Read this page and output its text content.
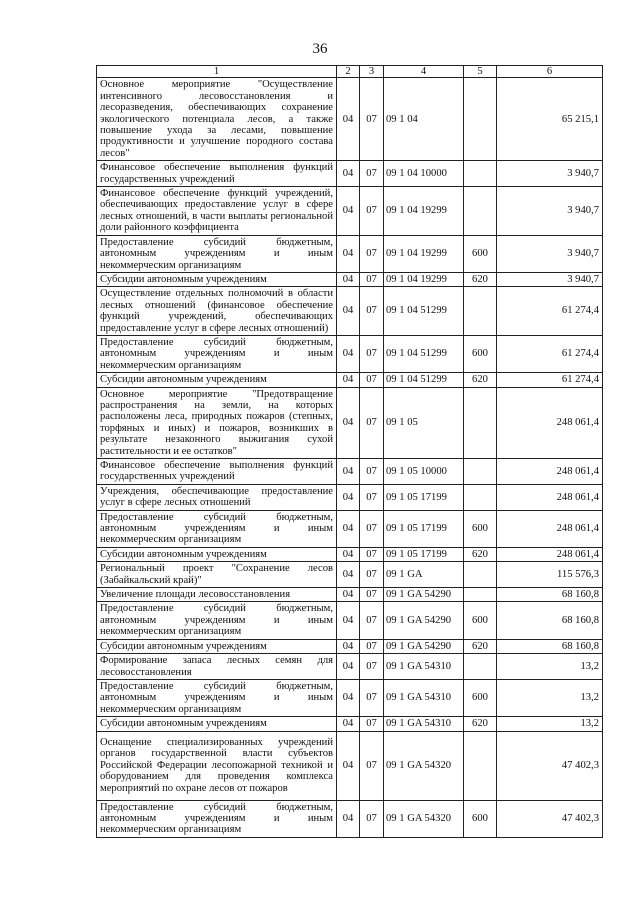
36
1	2	3	4	5	6
Основное мероприятие "Осуществление интенсивного лесовосстановления и лесоразведения, обеспечивающих сохранение экологического потенциала лесов, а также повышение ухода за лесами, повышение продуктивности и улучшение породного состава лесов"	04	07	09 1 04		65 215,1
Финансовое обеспечение выполнения функций государственных учреждений	04	07	09 1 04 10000		3 940,7
Финансовое обеспечение функций учреждений, обеспечивающих предоставление услуг в сфере лесных отношений, в части выплаты региональной доли районного коэффициента	04	07	09 1 04 19299		3 940,7
Предоставление субсидий бюджетным, автономным учреждениям и иным некоммерческим организациям	04	07	09 1 04 19299	600	3 940,7
Субсидии автономным учреждениям	04	07	09 1 04 19299	620	3 940,7
Осуществление отдельных полномочий в области лесных отношений (финансовое обеспечение функций учреждений, обеспечивающих предоставление услуг в сфере лесных отношений)	04	07	09 1 04 51299		61 274,4
Предоставление субсидий бюджетным, автономным учреждениям и иным некоммерческим организациям	04	07	09 1 04 51299	600	61 274,4
Субсидии автономным учреждениям	04	07	09 1 04 51299	620	61 274,4
Основное мероприятие "Предотвращение распространения на земли, на которых расположены леса, природных пожаров (степных, торфяных и иных) и пожаров, возникших в результате незаконного выжигания сухой растительности и ее остатков"	04	07	09 1 05		248 061,4
Финансовое обеспечение выполнения функций государственных учреждений	04	07	09 1 05 10000		248 061,4
Учреждения, обеспечивающие предоставление услуг в сфере лесных отношений	04	07	09 1 05 17199		248 061,4
Предоставление субсидий бюджетным, автономным учреждениям и иным некоммерческим организациям	04	07	09 1 05 17199	600	248 061,4
Субсидии автономным учреждениям	04	07	09 1 05 17199	620	248 061,4
Региональный проект "Сохранение лесов (Забайкальский край)"	04	07	09 1 GA		115 576,3
Увеличение площади лесовосстановления	04	07	09 1 GA 54290		68 160,8
Предоставление субсидий бюджетным, автономным учреждениям и иным некоммерческим организациям	04	07	09 1 GA 54290	600	68 160,8
Субсидии автономным учреждениям	04	07	09 1 GA 54290	620	68 160,8
Формирование запаса лесных семян для лесовосстановления	04	07	09 1 GA 54310		13,2
Предоставление субсидий бюджетным, автономным учреждениям и иным некоммерческим организациям	04	07	09 1 GA 54310	600	13,2
Субсидии автономным учреждениям	04	07	09 1 GA 54310	620	13,2
Оснащение специализированных учреждений органов государственной власти субъектов Российской Федерации лесопожарной техникой и оборудованием для проведения комплекса мероприятий по охране лесов от пожаров	04	07	09 1 GA 54320		47 402,3
Предоставление субсидий бюджетным, автономным учреждениям и иным некоммерческим организациям	04	07	09 1 GA 54320	600	47 402,3
